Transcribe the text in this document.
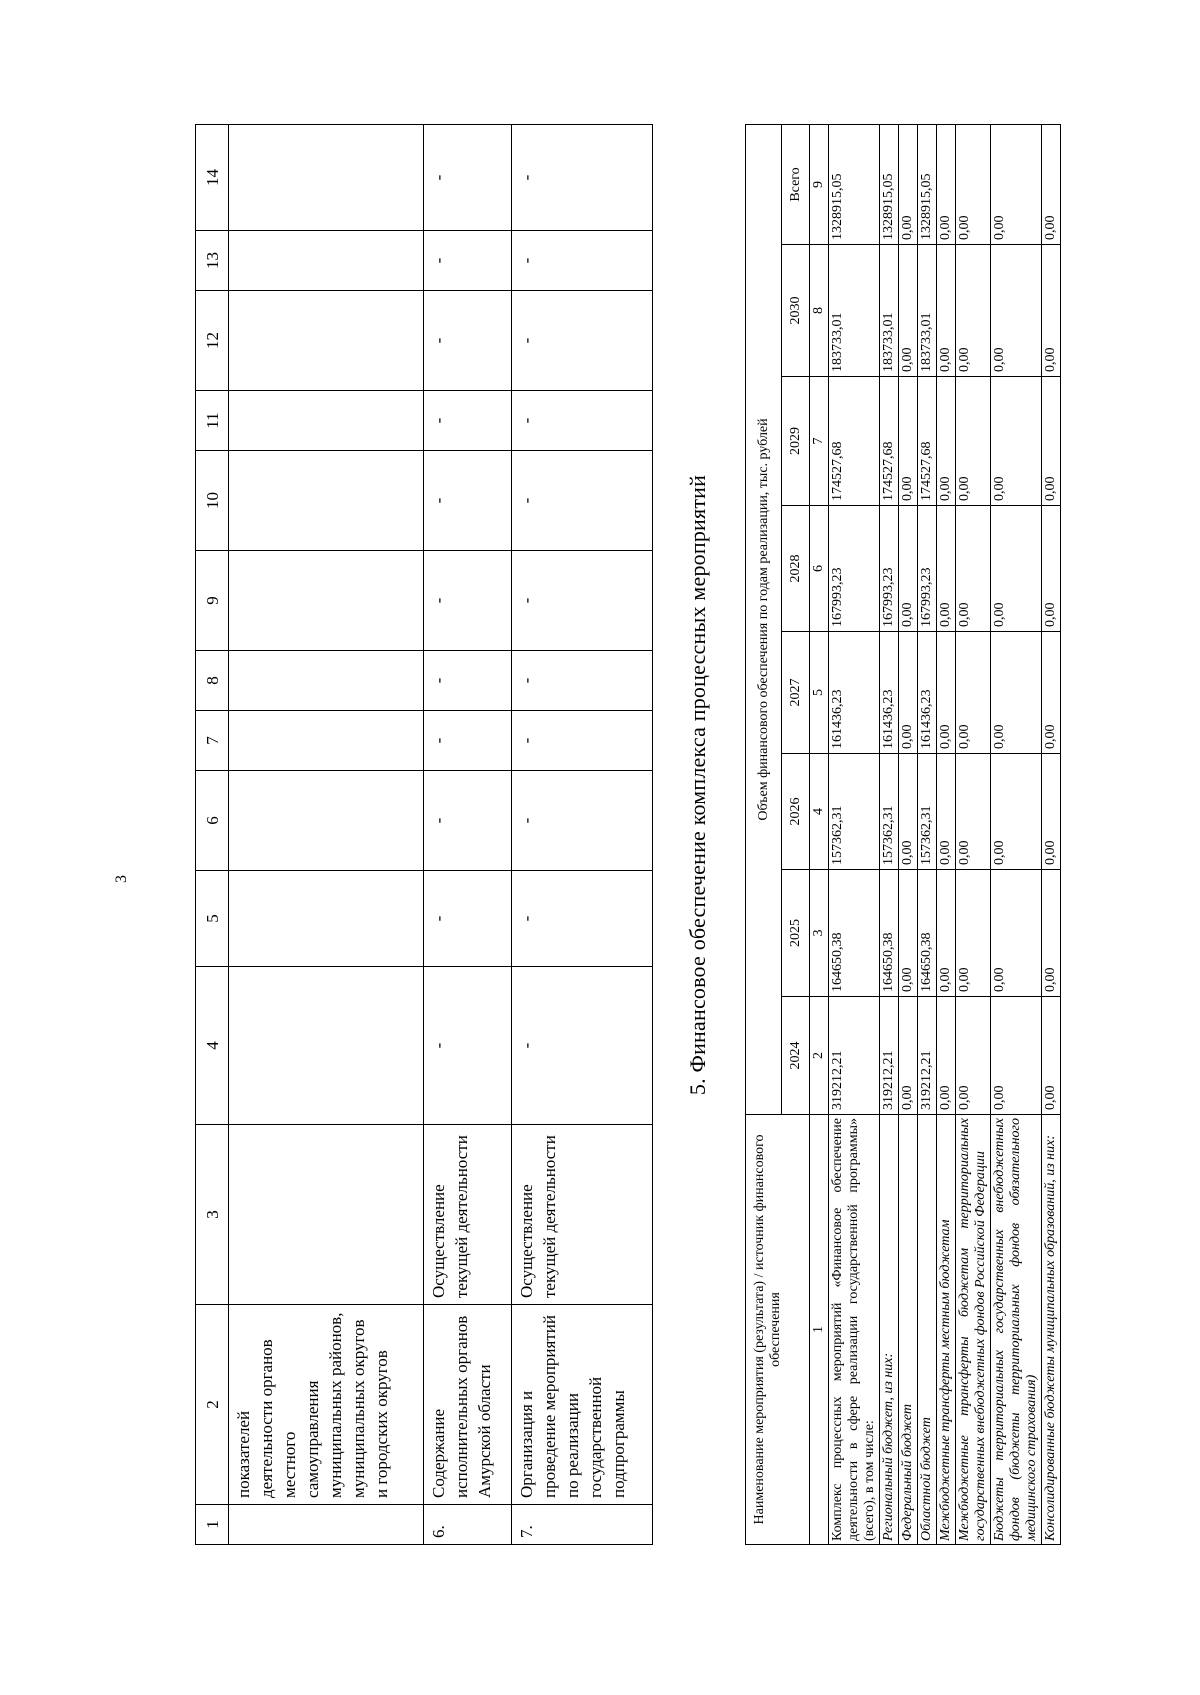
3
1	2	3	4	5	6	7	8	9	10	11	12	13	14
	показателей деятельности органов местного самоуправления муниципальных районов, муниципальных округов и городских округов												
6.	Содержание исполнительных органов Амурской области	Осуществление текущей деятельности	-	-	-	-	-	-	-	-	-	-	-
7.	Организация и проведение мероприятий по реализации государственной подпрограммы	Осуществление текущей деятельности	-	-	-	-	-	-	-	-	-	-	-
5. Финансовое обеспечение комплекса процессных мероприятий
Наименование мероприятия (результата) / источник финансового обеспечения	Объем финансового обеспечения по годам реализации, тыс. рублей							
	2024	2025	2026	2027	2028	2029	2030	Всего
1	2	3	4	5	6	7	8	9
Комплекс процессных мероприятий «Финансовое обеспечение деятельности в сфере реализации государственной программы» (всего), в том числе:	319212,21	164650,38	157362,31	161436,23	167993,23	174527,68	183733,01	1328915,05
Региональный бюджет, из них:	319212,21	164650,38	157362,31	161436,23	167993,23	174527,68	183733,01	1328915,05
Федеральный бюджет	0,00	0,00	0,00	0,00	0,00	0,00	0,00	0,00
Областной бюджет	319212,21	164650,38	157362,31	161436,23	167993,23	174527,68	183733,01	1328915,05
Межбюджетные трансферты местным бюджетам	0,00	0,00	0,00	0,00	0,00	0,00	0,00	0,00
Межбюджетные трансферты бюджетам территориальных государственных внебюджетных фондов Российской Федерации	0,00	0,00	0,00	0,00	0,00	0,00	0,00	0,00
Бюджеты территориальных государственных внебюджетных фондов (бюджеты территориальных фондов обязательного медицинского страхования)	0,00	0,00	0,00	0,00	0,00	0,00	0,00	0,00
Консолидированные бюджеты муниципальных образований, из них:	0,00	0,00	0,00	0,00	0,00	0,00	0,00	0,00
